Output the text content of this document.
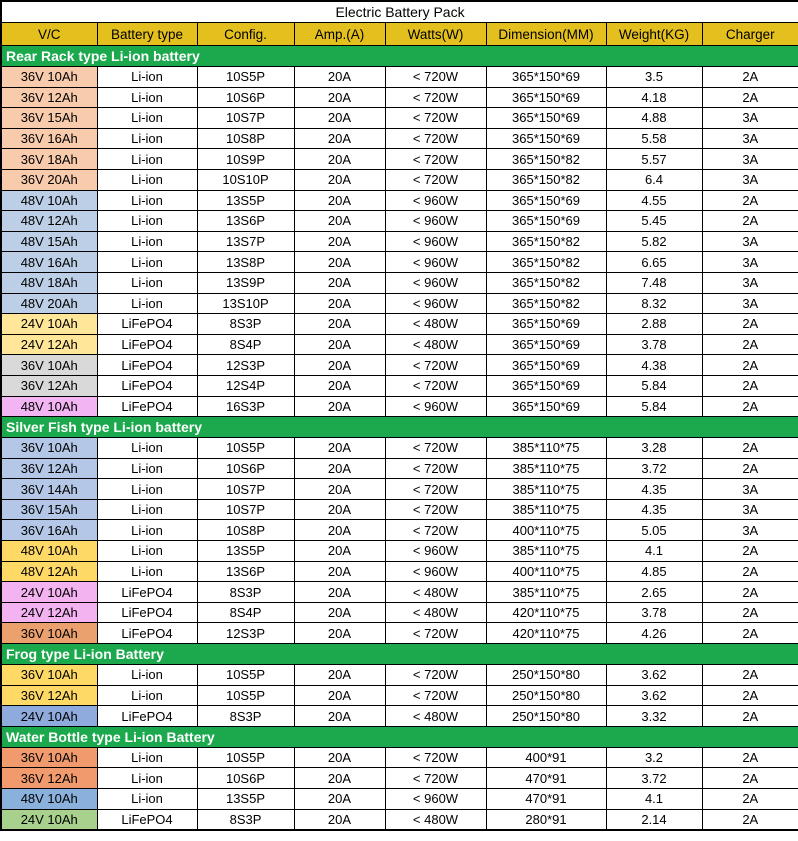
Electric Battery Pack							
V/C	Battery type	Config.	Amp.(A)	Watts(W)	Dimension(MM)	Weight(KG)	Charger
Rear Rack type Li-ion battery							
36V 10Ah	Li-ion	10S5P	20A	< 720W	365*150*69	3.5	2A
36V 12Ah	Li-ion	10S6P	20A	< 720W	365*150*69	4.18	2A
36V 15Ah	Li-ion	10S7P	20A	< 720W	365*150*69	4.88	3A
36V 16Ah	Li-ion	10S8P	20A	< 720W	365*150*69	5.58	3A
36V 18Ah	Li-ion	10S9P	20A	< 720W	365*150*82	5.57	3A
36V 20Ah	Li-ion	10S10P	20A	< 720W	365*150*82	6.4	3A
48V 10Ah	Li-ion	13S5P	20A	< 960W	365*150*69	4.55	2A
48V 12Ah	Li-ion	13S6P	20A	< 960W	365*150*69	5.45	2A
48V 15Ah	Li-ion	13S7P	20A	< 960W	365*150*82	5.82	3A
48V 16Ah	Li-ion	13S8P	20A	< 960W	365*150*82	6.65	3A
48V 18Ah	Li-ion	13S9P	20A	< 960W	365*150*82	7.48	3A
48V 20Ah	Li-ion	13S10P	20A	< 960W	365*150*82	8.32	3A
24V 10Ah	LiFePO4	8S3P	20A	< 480W	365*150*69	2.88	2A
24V 12Ah	LiFePO4	8S4P	20A	< 480W	365*150*69	3.78	2A
36V 10Ah	LiFePO4	12S3P	20A	< 720W	365*150*69	4.38	2A
36V 12Ah	LiFePO4	12S4P	20A	< 720W	365*150*69	5.84	2A
48V 10Ah	LiFePO4	16S3P	20A	< 960W	365*150*69	5.84	2A
Silver Fish type Li-ion battery							
36V 10Ah	Li-ion	10S5P	20A	< 720W	385*110*75	3.28	2A
36V 12Ah	Li-ion	10S6P	20A	< 720W	385*110*75	3.72	2A
36V 14Ah	Li-ion	10S7P	20A	< 720W	385*110*75	4.35	3A
36V 15Ah	Li-ion	10S7P	20A	< 720W	385*110*75	4.35	3A
36V 16Ah	Li-ion	10S8P	20A	< 720W	400*110*75	5.05	3A
48V 10Ah	Li-ion	13S5P	20A	< 960W	385*110*75	4.1	2A
48V 12Ah	Li-ion	13S6P	20A	< 960W	400*110*75	4.85	2A
24V 10Ah	LiFePO4	8S3P	20A	< 480W	385*110*75	2.65	2A
24V 12Ah	LiFePO4	8S4P	20A	< 480W	420*110*75	3.78	2A
36V 10Ah	LiFePO4	12S3P	20A	< 720W	420*110*75	4.26	2A
Frog type Li-ion Battery							
36V 10Ah	Li-ion	10S5P	20A	< 720W	250*150*80	3.62	2A
36V 12Ah	Li-ion	10S5P	20A	< 720W	250*150*80	3.62	2A
24V 10Ah	LiFePO4	8S3P	20A	< 480W	250*150*80	3.32	2A
Water Bottle type Li-ion Battery							
36V 10Ah	Li-ion	10S5P	20A	< 720W	400*91	3.2	2A
36V 12Ah	Li-ion	10S6P	20A	< 720W	470*91	3.72	2A
48V 10Ah	Li-ion	13S5P	20A	< 960W	470*91	4.1	2A
24V 10Ah	LiFePO4	8S3P	20A	< 480W	280*91	2.14	2A
